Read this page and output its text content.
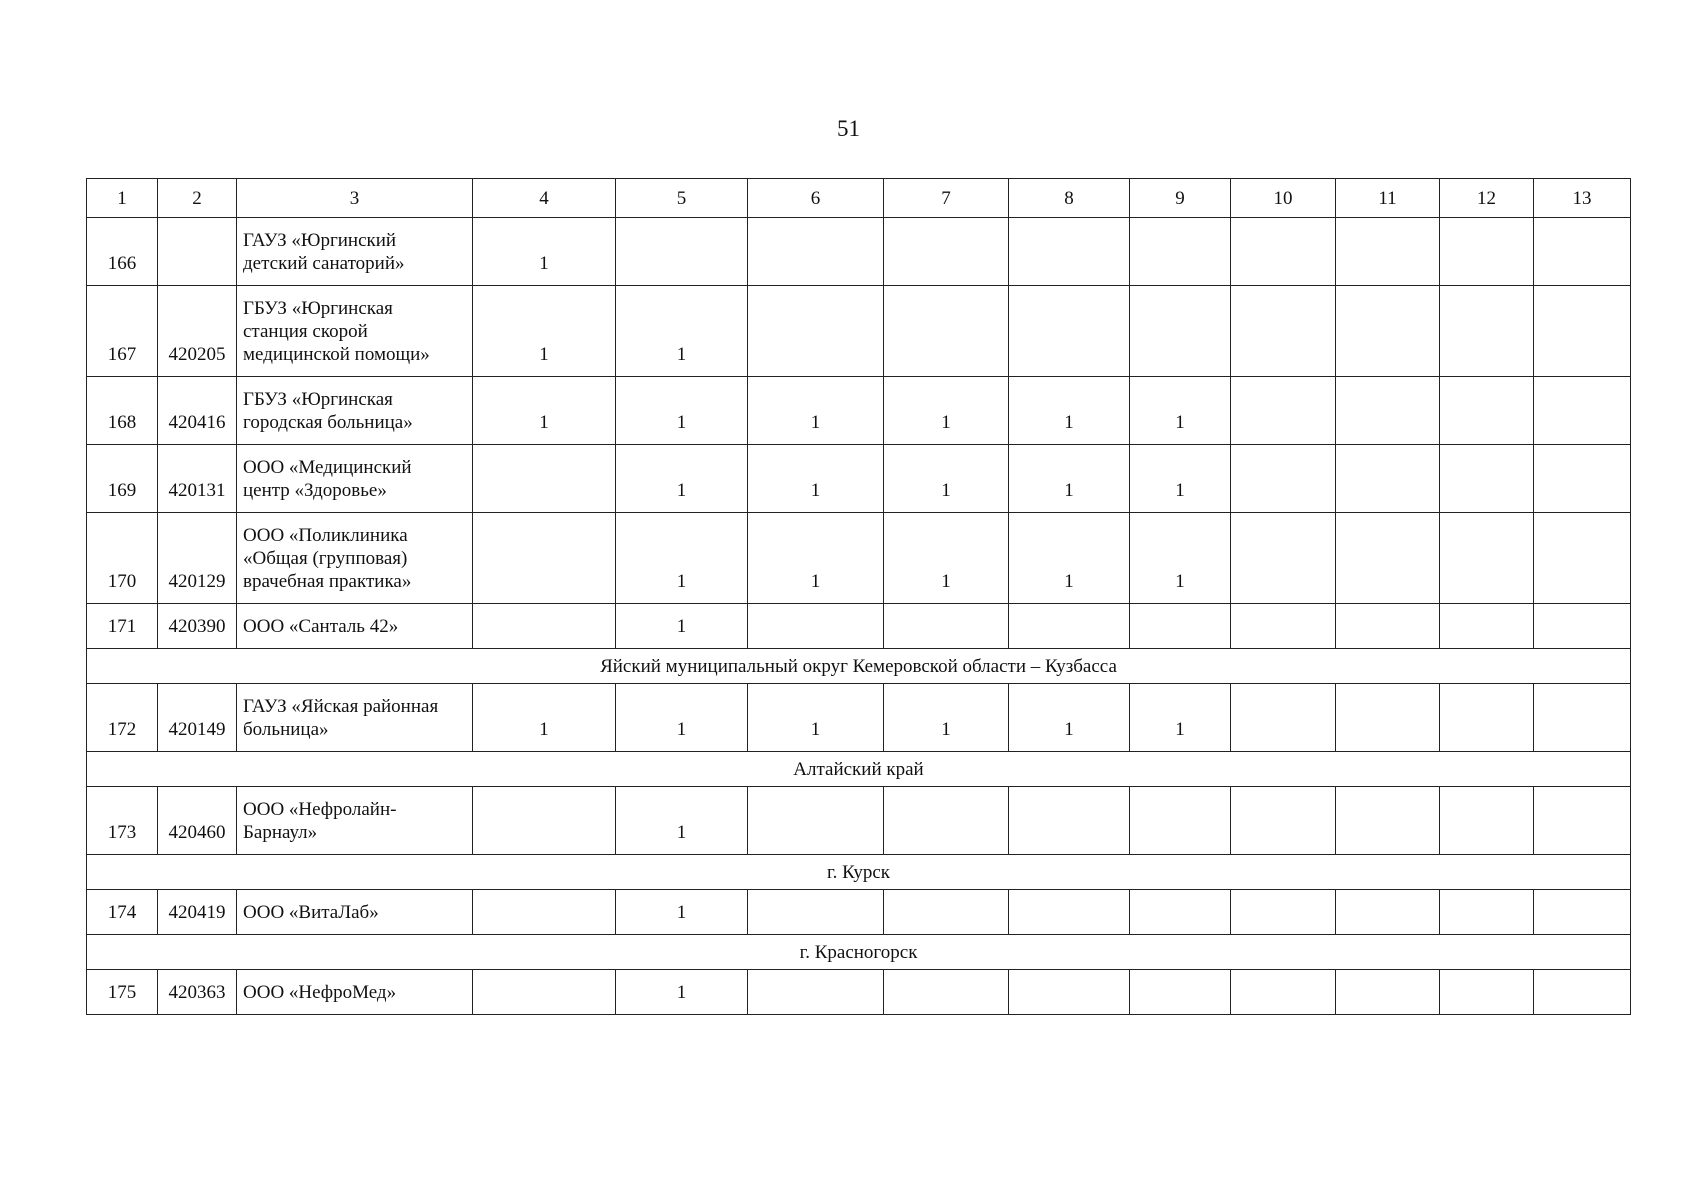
51
1	2	3	4	5	6	7	8	9	10	11	12	13
166		ГАУЗ «Юргинский
детский санаторий»	1									
167	420205	ГБУЗ «Юргинская
станция скорой
медицинской помощи»	1	1								
168	420416	ГБУЗ «Юргинская
городская больница»	1	1	1	1	1	1				
169	420131	ООО «Медицинский
центр «Здоровье»		1	1	1	1	1				
170	420129	ООО «Поликлиника
«Общая (групповая)
врачебная практика»		1	1	1	1	1				
171	420390	ООО «Санталь 42»		1								
Яйский муниципальный округ Кемеровской области – Кузбасса												
172	420149	ГАУЗ «Яйская районная
больница»	1	1	1	1	1	1				
Алтайский край												
173	420460	ООО «Нефролайн-
Барнаул»		1								
г. Курск												
174	420419	ООО «ВитаЛаб»		1								
г. Красногорск												
175	420363	ООО «НефроМед»		1								
